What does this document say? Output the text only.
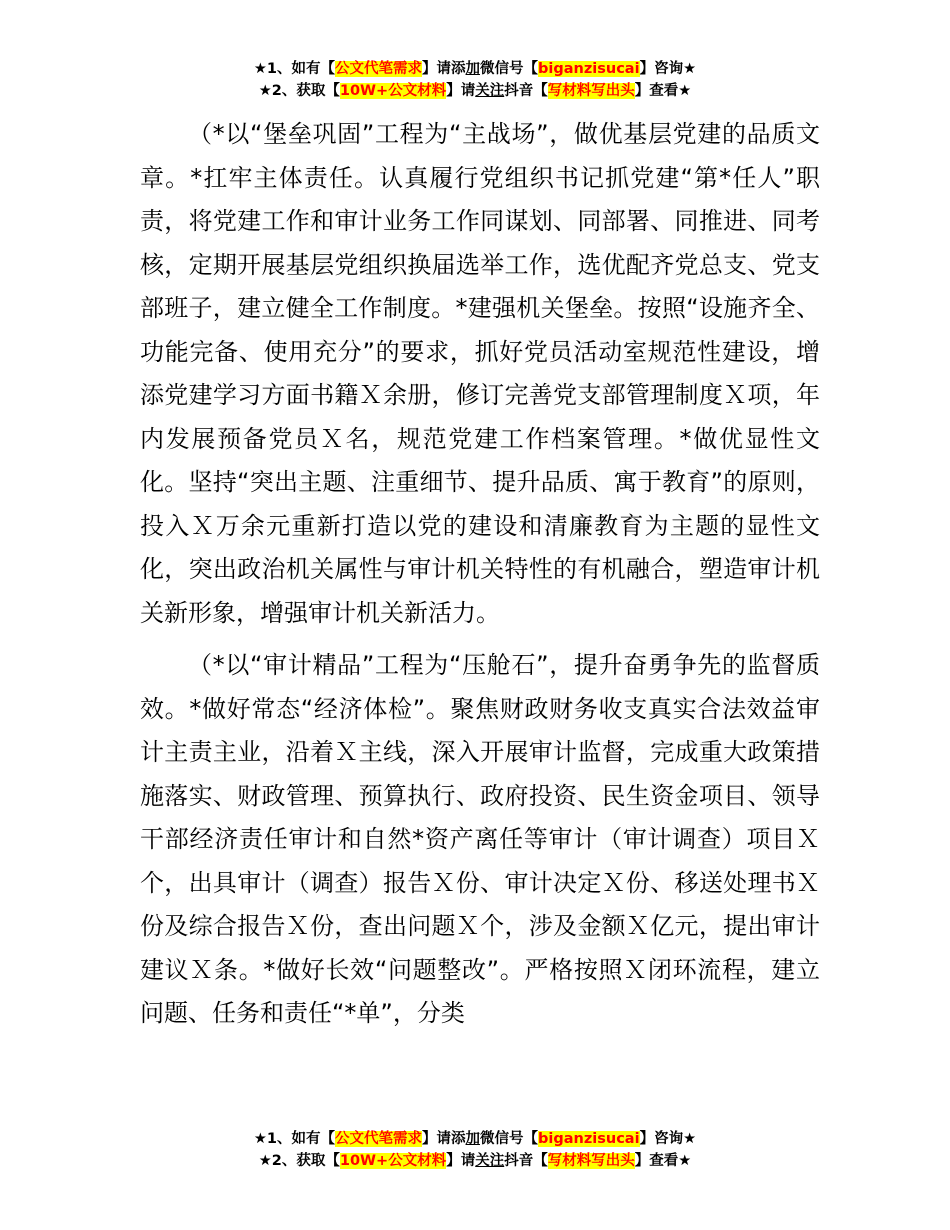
★1、如有【公文代笔需求】请添加微信号【biganzisucai】咨询★
★2、获取【10W+公文材料】请关注抖音【写材料写出头】查看★

（*以“堡垒巩固”工程为“主战场”，做优基层党建的品质文章。*扛牢主体责任。认真履行党组织书记抓党建“第*任人”职责，将党建工作和审计业务工作同谋划、同部署、同推进、同考核，定期开展基层党组织换届选举工作，选优配齐党总支、党支部班子，建立健全工作制度。*建强机关堡垒。按照“设施齐全、功能完备、使用充分”的要求，抓好党员活动室规范性建设，增添党建学习方面书籍Ｘ余册，修订完善党支部管理制度Ｘ项，年内发展预备党员Ｘ名，规范党建工作档案管理。*做优显性文化。坚持“突出主题、注重细节、提升品质、寓于教育”的原则，投入Ｘ万余元重新打造以党的建设和清廉教育为主题的显性文化，突出政治机关属性与审计机关特性的有机融合，塑造审计机关新形象，增强审计机关新活力。

（*以“审计精品”工程为“压舱石”，提升奋勇争先的监督质效。*做好常态“经济体检”。聚焦财政财务收支真实合法效益审计主责主业，沿着Ｘ主线，深入开展审计监督，完成重大政策措施落实、财政管理、预算执行、政府投资、民生资金项目、领导干部经济责任审计和自然*资产离任等审计（审计调查）项目Ｘ个，出具审计（调查）报告Ｘ份、审计决定Ｘ份、移送处理书Ｘ份及综合报告Ｘ份，查出问题Ｘ个，涉及金额Ｘ亿元，提出审计建议Ｘ条。*做好长效“问题整改”。严格按照Ｘ闭环流程，建立问题、任务和责任“*单”，分类

★1、如有【公文代笔需求】请添加微信号【biganzisucai】咨询★
★2、获取【10W+公文材料】请关注抖音【写材料写出头】查看★
